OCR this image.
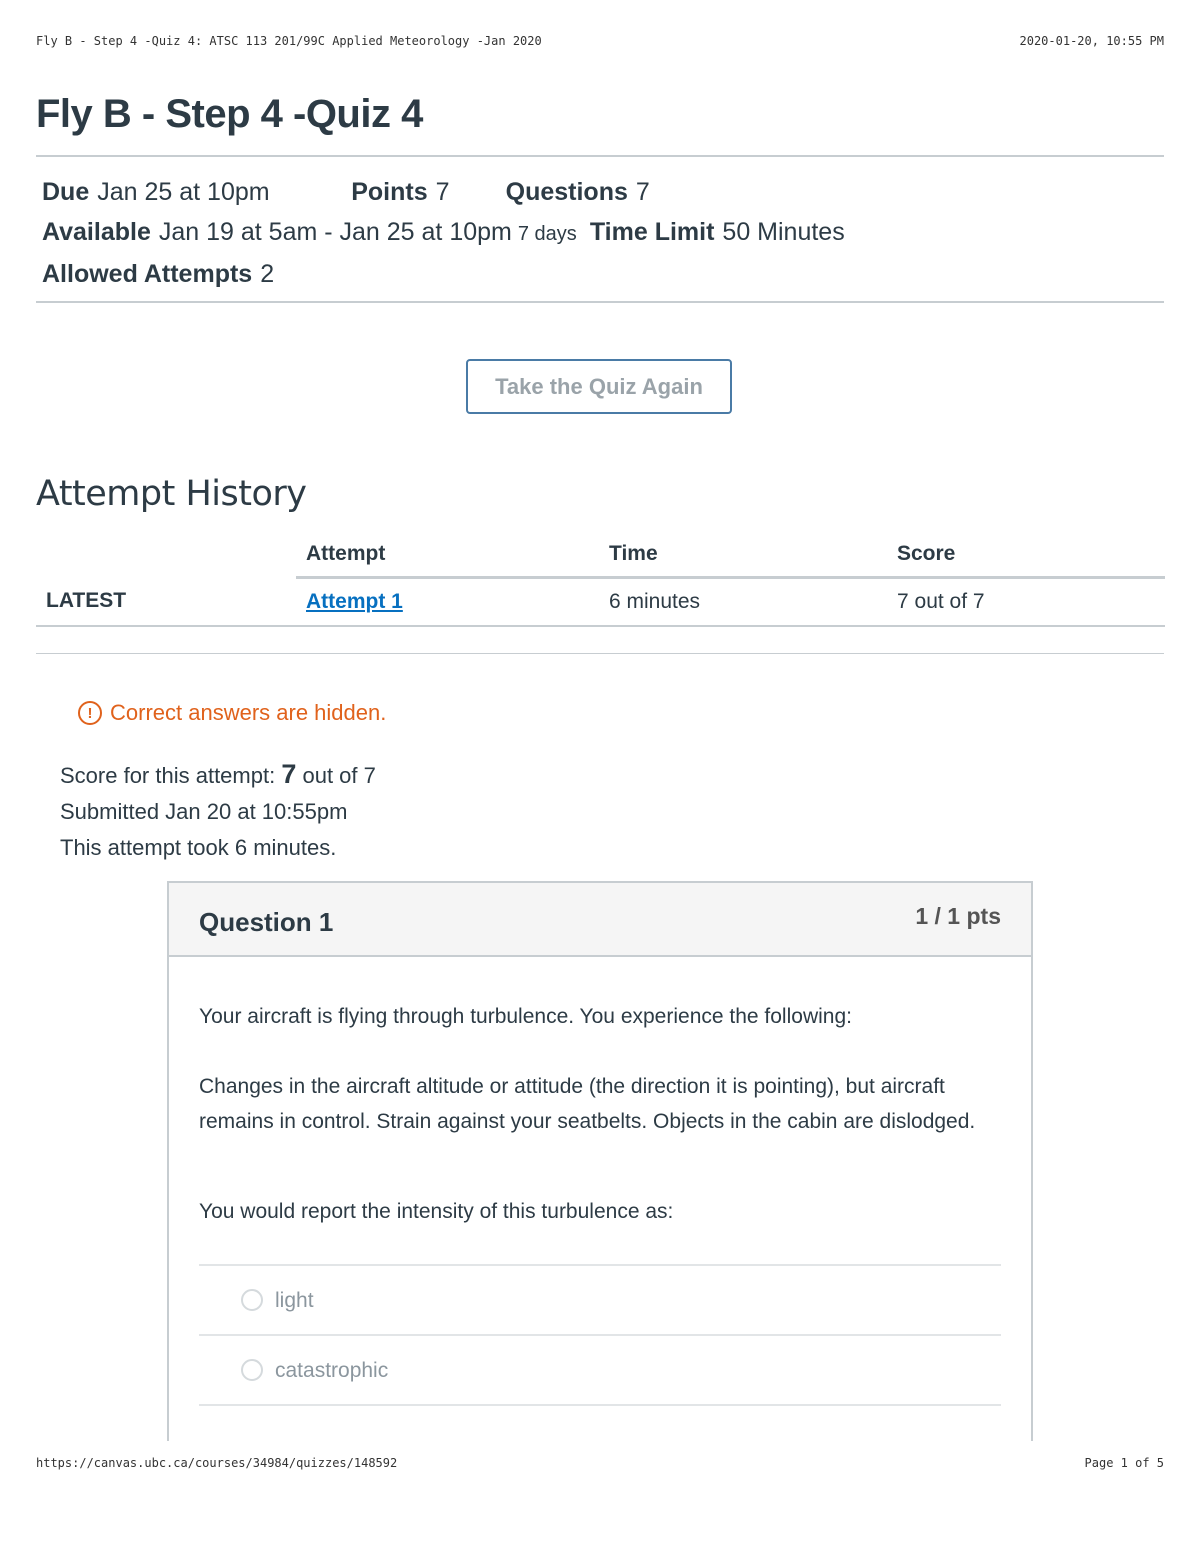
Fly B - Step 4 -Quiz 4: ATSC 113 201/99C Applied Meteorology -Jan 2020	2020-01-20, 10:55 PM
Fly B - Step 4 -Quiz 4
Due Jan 25 at 10pm	Points 7	Questions 7
Available Jan 19 at 5am - Jan 25 at 10pm 7 days Time Limit 50 Minutes
Allowed Attempts 2
Take the Quiz Again
Attempt History
	Attempt	Time	Score
LATEST	Attempt 1	6 minutes	7 out of 7
! Correct answers are hidden.
Score for this attempt: 7 out of 7
Submitted Jan 20 at 10:55pm
This attempt took 6 minutes.
Question 1	1 / 1 pts

Your aircraft is flying through turbulence. You experience the following:

Changes in the aircraft altitude or attitude (the direction it is pointing), but aircraft remains in control. Strain against your seatbelts. Objects in the cabin are dislodged.

You would report the intensity of this turbulence as:

light
catastrophic
https://canvas.ubc.ca/courses/34984/quizzes/148592	Page 1 of 5
